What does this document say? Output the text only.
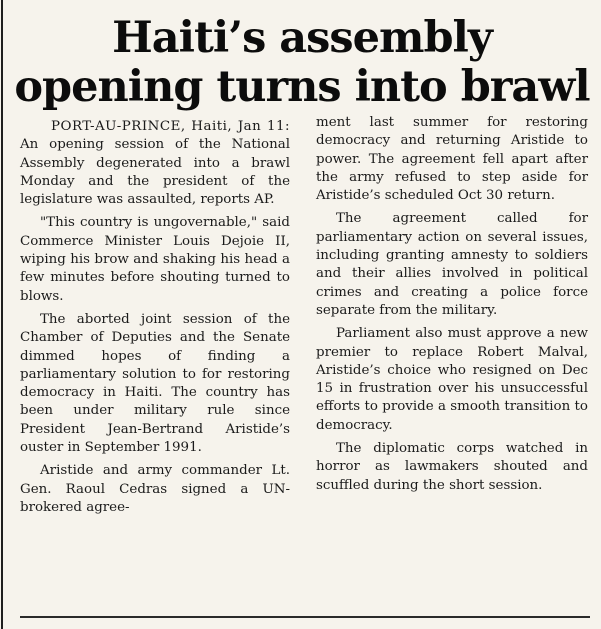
Haiti’s assembly opening turns into brawl

PORT-AU-PRINCE, Haiti, Jan 11: An opening session of the National Assembly degenerated into a brawl Monday and the president of the legislature was assaulted, reports AP.

"This country is ungovernable," said Commerce Minister Louis Dejoie II, wiping his brow and shaking his head a few minutes before shouting turned to blows.

The aborted joint session of the Chamber of Deputies and the Senate dimmed hopes of finding a parliamentary solution to for restoring democracy in Haiti. The country has been under military rule since President Jean-Bertrand Aristide’s ouster in September 1991.

Aristide and army commander Lt. Gen. Raoul Cedras signed a UN-brokered agree-

ment last summer for restoring democracy and returning Aristide to power. The agreement fell apart after the army refused to step aside for Aristide’s scheduled Oct 30 return.

The agreement called for parliamentary action on several issues, including granting amnesty to soldiers and their allies involved in political crimes and creating a police force separate from the military.

Parliament also must approve a new premier to replace Robert Malval, Aristide’s choice who resigned on Dec 15 in frustration over his unsuccessful efforts to provide a smooth transition to democracy.

The diplomatic corps watched in horror as lawmakers shouted and scuffled during the short session.
